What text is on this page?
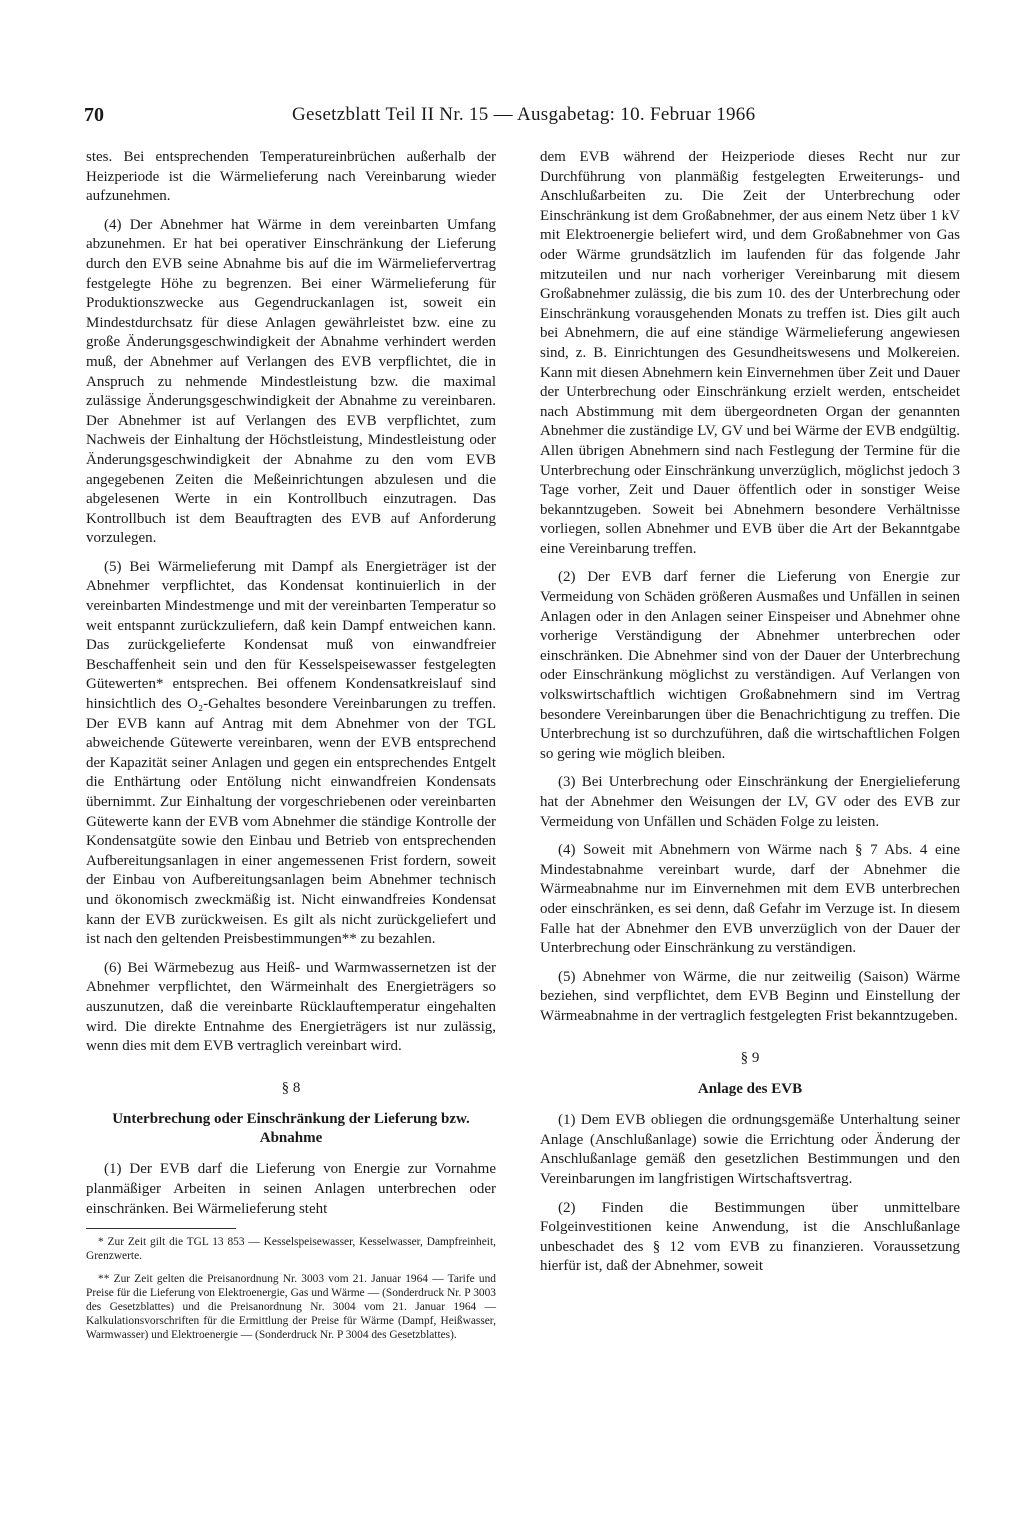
70	Gesetzblatt Teil II Nr. 15 — Ausgabetag: 10. Februar 1966

stes. Bei entsprechenden Temperatureinbrüchen außerhalb der Heizperiode ist die Wärmelieferung nach Vereinbarung wieder aufzunehmen.

(4) Der Abnehmer hat Wärme in dem vereinbarten Umfang abzunehmen. Er hat bei operativer Einschränkung der Lieferung durch den EVB seine Abnahme bis auf die im Wärmeliefervertrag festgelegte Höhe zu begrenzen. Bei einer Wärmelieferung für Produktionszwecke aus Gegendruckanlagen ist, soweit ein Mindestdurchsatz für diese Anlagen gewährleistet bzw. eine zu große Änderungsgeschwindigkeit der Abnahme verhindert werden muß, der Abnehmer auf Verlangen des EVB verpflichtet, die in Anspruch zu nehmende Mindestleistung bzw. die maximal zulässige Änderungsgeschwindigkeit der Abnahme zu vereinbaren. Der Abnehmer ist auf Verlangen des EVB verpflichtet, zum Nachweis der Einhaltung der Höchstleistung, Mindestleistung oder Änderungsgeschwindigkeit der Abnahme zu den vom EVB angegebenen Zeiten die Meßeinrichtungen abzulesen und die abgelesenen Werte in ein Kontrollbuch einzutragen. Das Kontrollbuch ist dem Beauftragten des EVB auf Anforderung vorzulegen.

(5) Bei Wärmelieferung mit Dampf als Energieträger ist der Abnehmer verpflichtet, das Kondensat kontinuierlich in der vereinbarten Mindestmenge und mit der vereinbarten Temperatur so weit entspannt zurückzuliefern, daß kein Dampf entweichen kann. Das zurückgelieferte Kondensat muß von einwandfreier Beschaffenheit sein und den für Kesselspeisewasser festgelegten Gütewerten* entsprechen. Bei offenem Kondensatkreislauf sind hinsichtlich des O₂-Gehaltes besondere Vereinbarungen zu treffen. Der EVB kann auf Antrag mit dem Abnehmer von der TGL abweichende Gütewerte vereinbaren, wenn der EVB entsprechend der Kapazität seiner Anlagen und gegen ein entsprechendes Entgelt die Enthärtung oder Entölung nicht einwandfreien Kondensats übernimmt. Zur Einhaltung der vorgeschriebenen oder vereinbarten Gütewerte kann der EVB vom Abnehmer die ständige Kontrolle der Kondensatgüte sowie den Einbau und Betrieb von entsprechenden Aufbereitungsanlagen in einer angemessenen Frist fordern, soweit der Einbau von Aufbereitungsanlagen beim Abnehmer technisch und ökonomisch zweckmäßig ist. Nicht einwandfreies Kondensat kann der EVB zurückweisen. Es gilt als nicht zurückgeliefert und ist nach den geltenden Preisbestimmungen** zu bezahlen.

(6) Bei Wärmebezug aus Heiß- und Warmwassernetzen ist der Abnehmer verpflichtet, den Wärmeinhalt des Energieträgers so auszunutzen, daß die vereinbarte Rücklauftemperatur eingehalten wird. Die direkte Entnahme des Energieträgers ist nur zulässig, wenn dies mit dem EVB vertraglich vereinbart wird.

§ 8
Unterbrechung oder Einschränkung der Lieferung bzw. Abnahme

(1) Der EVB darf die Lieferung von Energie zur Vornahme planmäßiger Arbeiten in seinen Anlagen unterbrechen oder einschränken. Bei Wärmelieferung steht

* Zur Zeit gilt die TGL 13 853 — Kesselspeisewasser, Kesselwasser, Dampfreinheit, Grenzwerte.

** Zur Zeit gelten die Preisanordnung Nr. 3003 vom 21. Januar 1964 — Tarife und Preise für die Lieferung von Elektroenergie, Gas und Wärme — (Sonderdruck Nr. P 3003 des Gesetzblattes) und die Preisanordnung Nr. 3004 vom 21. Januar 1964 — Kalkulationsvorschriften für die Ermittlung der Preise für Wärme (Dampf, Heißwasser, Warmwasser) und Elektroenergie — (Sonderdruck Nr. P 3004 des Gesetzblattes).

dem EVB während der Heizperiode dieses Recht nur zur Durchführung von planmäßig festgelegten Erweiterungs- und Anschlußarbeiten zu. Die Zeit der Unterbrechung oder Einschränkung ist dem Großabnehmer, der aus einem Netz über 1 kV mit Elektroenergie beliefert wird, und dem Großabnehmer von Gas oder Wärme grundsätzlich im laufenden für das folgende Jahr mitzuteilen und nur nach vorheriger Vereinbarung mit diesem Großabnehmer zulässig, die bis zum 10. des der Unterbrechung oder Einschränkung vorausgehenden Monats zu treffen ist. Dies gilt auch bei Abnehmern, die auf eine ständige Wärmelieferung angewiesen sind, z. B. Einrichtungen des Gesundheitswesens und Molkereien. Kann mit diesen Abnehmern kein Einvernehmen über Zeit und Dauer der Unterbrechung oder Einschränkung erzielt werden, entscheidet nach Abstimmung mit dem übergeordneten Organ der genannten Abnehmer die zuständige LV, GV und bei Wärme der EVB endgültig. Allen übrigen Abnehmern sind nach Festlegung der Termine für die Unterbrechung oder Einschränkung unverzüglich, möglichst jedoch 3 Tage vorher, Zeit und Dauer öffentlich oder in sonstiger Weise bekanntzugeben. Soweit bei Abnehmern besondere Verhältnisse vorliegen, sollen Abnehmer und EVB über die Art der Bekanntgabe eine Vereinbarung treffen.

(2) Der EVB darf ferner die Lieferung von Energie zur Vermeidung von Schäden größeren Ausmaßes und Unfällen in seinen Anlagen oder in den Anlagen seiner Einspeiser und Abnehmer ohne vorherige Verständigung der Abnehmer unterbrechen oder einschränken. Die Abnehmer sind von der Dauer der Unterbrechung oder Einschränkung möglichst zu verständigen. Auf Verlangen von volkswirtschaftlich wichtigen Großabnehmern sind im Vertrag besondere Vereinbarungen über die Benachrichtigung zu treffen. Die Unterbrechung ist so durchzuführen, daß die wirtschaftlichen Folgen so gering wie möglich bleiben.

(3) Bei Unterbrechung oder Einschränkung der Energielieferung hat der Abnehmer den Weisungen der LV, GV oder des EVB zur Vermeidung von Unfällen und Schäden Folge zu leisten.

(4) Soweit mit Abnehmern von Wärme nach § 7 Abs. 4 eine Mindestabnahme vereinbart wurde, darf der Abnehmer die Wärmeabnahme nur im Einvernehmen mit dem EVB unterbrechen oder einschränken, es sei denn, daß Gefahr im Verzuge ist. In diesem Falle hat der Abnehmer den EVB unverzüglich von der Dauer der Unterbrechung oder Einschränkung zu verständigen.

(5) Abnehmer von Wärme, die nur zeitweilig (Saison) Wärme beziehen, sind verpflichtet, dem EVB Beginn und Einstellung der Wärmeabnahme in der vertraglich festgelegten Frist bekanntzugeben.

§ 9
Anlage des EVB

(1) Dem EVB obliegen die ordnungsgemäße Unterhaltung seiner Anlage (Anschlußanlage) sowie die Errichtung oder Änderung der Anschlußanlage gemäß den gesetzlichen Bestimmungen und den Vereinbarungen im langfristigen Wirtschaftsvertrag.

(2) Finden die Bestimmungen über unmittelbare Folgeinvestitionen keine Anwendung, ist die Anschlußanlage unbeschadet des § 12 vom EVB zu finanzieren. Voraussetzung hierfür ist, daß der Abnehmer, soweit
